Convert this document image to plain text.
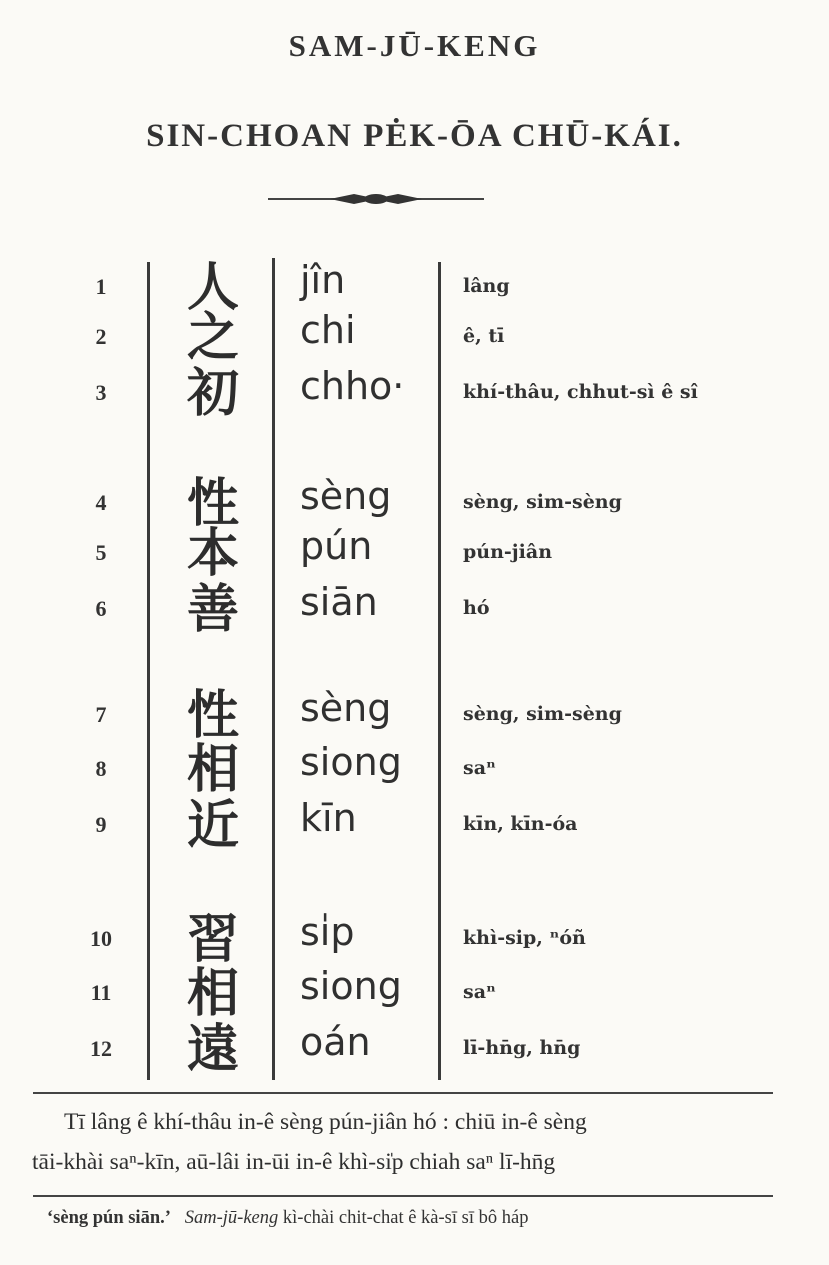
SAM-JŪ-KENG
SIN-CHOAN PĖK-ŌA CHŪ-KÁI.
1	人	jîn	lâng
2	之	chi	ê, tī
3	初	chho·	khí-thâu, chhut-sì ê sî
4	性	sèng	sèng, sim-sèng
5	本	pún	pún-jiân
6	善	siān	hó
7	性	sèng	sèng, sim-sèng
8	相	siong	saⁿ
9	近	kīn	kīn, kīn-óa
10	習	si̍p	khì-sip, ⁿóñ
11	相	siong	saⁿ
12	遠	oán	lī-hn̄g, hn̄g
Tī lâng ê khí-thâu in-ê sèng pún-jiân hó : chiū in-ê sèng
tāi-khài saⁿ-kīn, aū-lâi in-ūi in-ê khì-si̍p chiah saⁿ lī-hn̄g
‘sèng pún siān.’ Sam-jū-keng kì-chài chit-chat ê kà-sī sī bô háp
